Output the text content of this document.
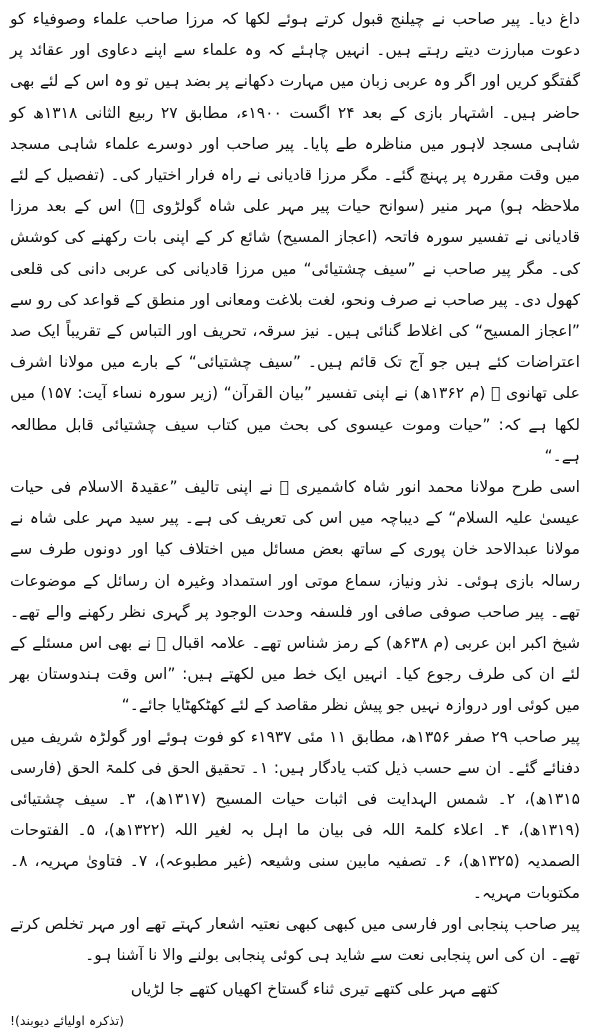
داغ دیا۔ پیر صاحب نے چیلنج قبول کرتے ہوئے لکھا کہ مرزا صاحب علماء وصوفیاء کو دعوت مبارزت دیتے رہتے ہیں۔ انہیں چاہئے کہ وہ علماء سے اپنے دعاوی اور عقائد پر گفتگو کریں اور اگر وہ عربی زبان میں مہارت دکھانے پر بضد ہیں تو وہ اس کے لئے بھی حاضر ہیں۔ اشتہار بازی کے بعد ۲۴ اگست ۱۹۰۰ء، مطابق ۲۷ ربیع الثانی ۱۳۱۸ھ کو شاہی مسجد لاہور میں مناظرہ طے پایا۔ پیر صاحب اور دوسرے علماء شاہی مسجد میں وقت مقررہ پر پہنچ گئے۔ مگر مرزا قادیانی نے راہ فرار اختیار کی۔ (تفصیل کے لئے ملاحظہ ہو) مہر منیر (سوانح حیات پیر مہر علی شاہ گولڑوی ﷫) اس کے بعد مرزا قادیانی نے تفسیر سورہ فاتحہ (اعجاز المسیح) شائع کر کے اپنی بات رکھنے کی کوشش کی۔ مگر پیر صاحب نے ”سیف چشتیائی“ میں مرزا قادیانی کی عربی دانی کی قلعی کھول دی۔ پیر صاحب نے صرف ونحو، لغت بلاغت ومعانی اور منطق کے قواعد کی رو سے ”اعجاز المسیح“ کی اغلاط گنائی ہیں۔ نیز سرقہ، تحریف اور التباس کے تقریباً ایک صد اعتراضات کئے ہیں جو آج تک قائم ہیں۔ ”سیف چشتیائی“ کے بارے میں مولانا اشرف علی تھانوی ﷫ (م ۱۳۶۲ھ) نے اپنی تفسیر ”بیان القرآن“ (زیر سورہ نساء آیت: ۱۵۷) میں لکھا ہے کہ: ”حیات وموت عیسوی کی بحث میں کتاب سیف چشتیائی قابل مطالعہ ہے۔“

اسی طرح مولانا محمد انور شاہ کاشمیری ﷫ نے اپنی تالیف ”عقیدۃ الاسلام فی حیات عیسیٰ علیہ السلام“ کے دیباچہ میں اس کی تعریف کی ہے۔ پیر سید مہر علی شاہ نے مولانا عبدالاحد خان پوری کے ساتھ بعض مسائل میں اختلاف کیا اور دونوں طرف سے رسالہ بازی ہوئی۔ نذر ونیاز، سماع موتی اور استمداد وغیرہ ان رسائل کے موضوعات تھے۔ پیر صاحب صوفی صافی اور فلسفہ وحدت الوجود پر گہری نظر رکھنے والے تھے۔ شیخ اکبر ابن عربی (م ۶۳۸ھ) کے رمز شناس تھے۔ علامہ اقبال ﷫ نے بھی اس مسئلے کے لئے ان کی طرف رجوع کیا۔ انہیں ایک خط میں لکھتے ہیں: ”اس وقت ہندوستان بھر میں کوئی اور دروازہ نہیں جو پیش نظر مقاصد کے لئے کھٹکھٹایا جائے۔“

پیر صاحب ۲۹ صفر ۱۳۵۶ھ، مطابق ۱۱ مئی ۱۹۳۷ء کو فوت ہوئے اور گولڑہ شریف میں دفنائے گئے۔ ان سے حسب ذیل کتب یادگار ہیں: ۱۔ تحقیق الحق فی کلمۃ الحق (فارسی ۱۳۱۵ھ)، ۲۔ شمس الہدایت فی اثبات حیات المسیح (۱۳۱۷ھ)، ۳۔ سیف چشتیائی (۱۳۱۹ھ)، ۴۔ اعلاء کلمۃ اللہ فی بیان ما اہل بہ لغیر اللہ (۱۳۲۲ھ)، ۵۔ الفتوحات الصمدیہ (۱۳۲۵ھ)، ۶۔ تصفیہ مابین سنی وشیعہ (غیر مطبوعہ)، ۷۔ فتاویٰ مہریہ، ۸۔ مکتوبات مہریہ۔

پیر صاحب پنجابی اور فارسی میں کبھی کبھی نعتیہ اشعار کہتے تھے اور مہر تخلص کرتے تھے۔ ان کی اس پنجابی نعت سے شاید ہی کوئی پنجابی بولنے والا نا آشنا ہو۔

کتھے مہر علی کتھے تیری ثناء گستاخ اکھیاں کتھے جا لڑیاں

(تذکرہ اولیائے دیوبند)!
